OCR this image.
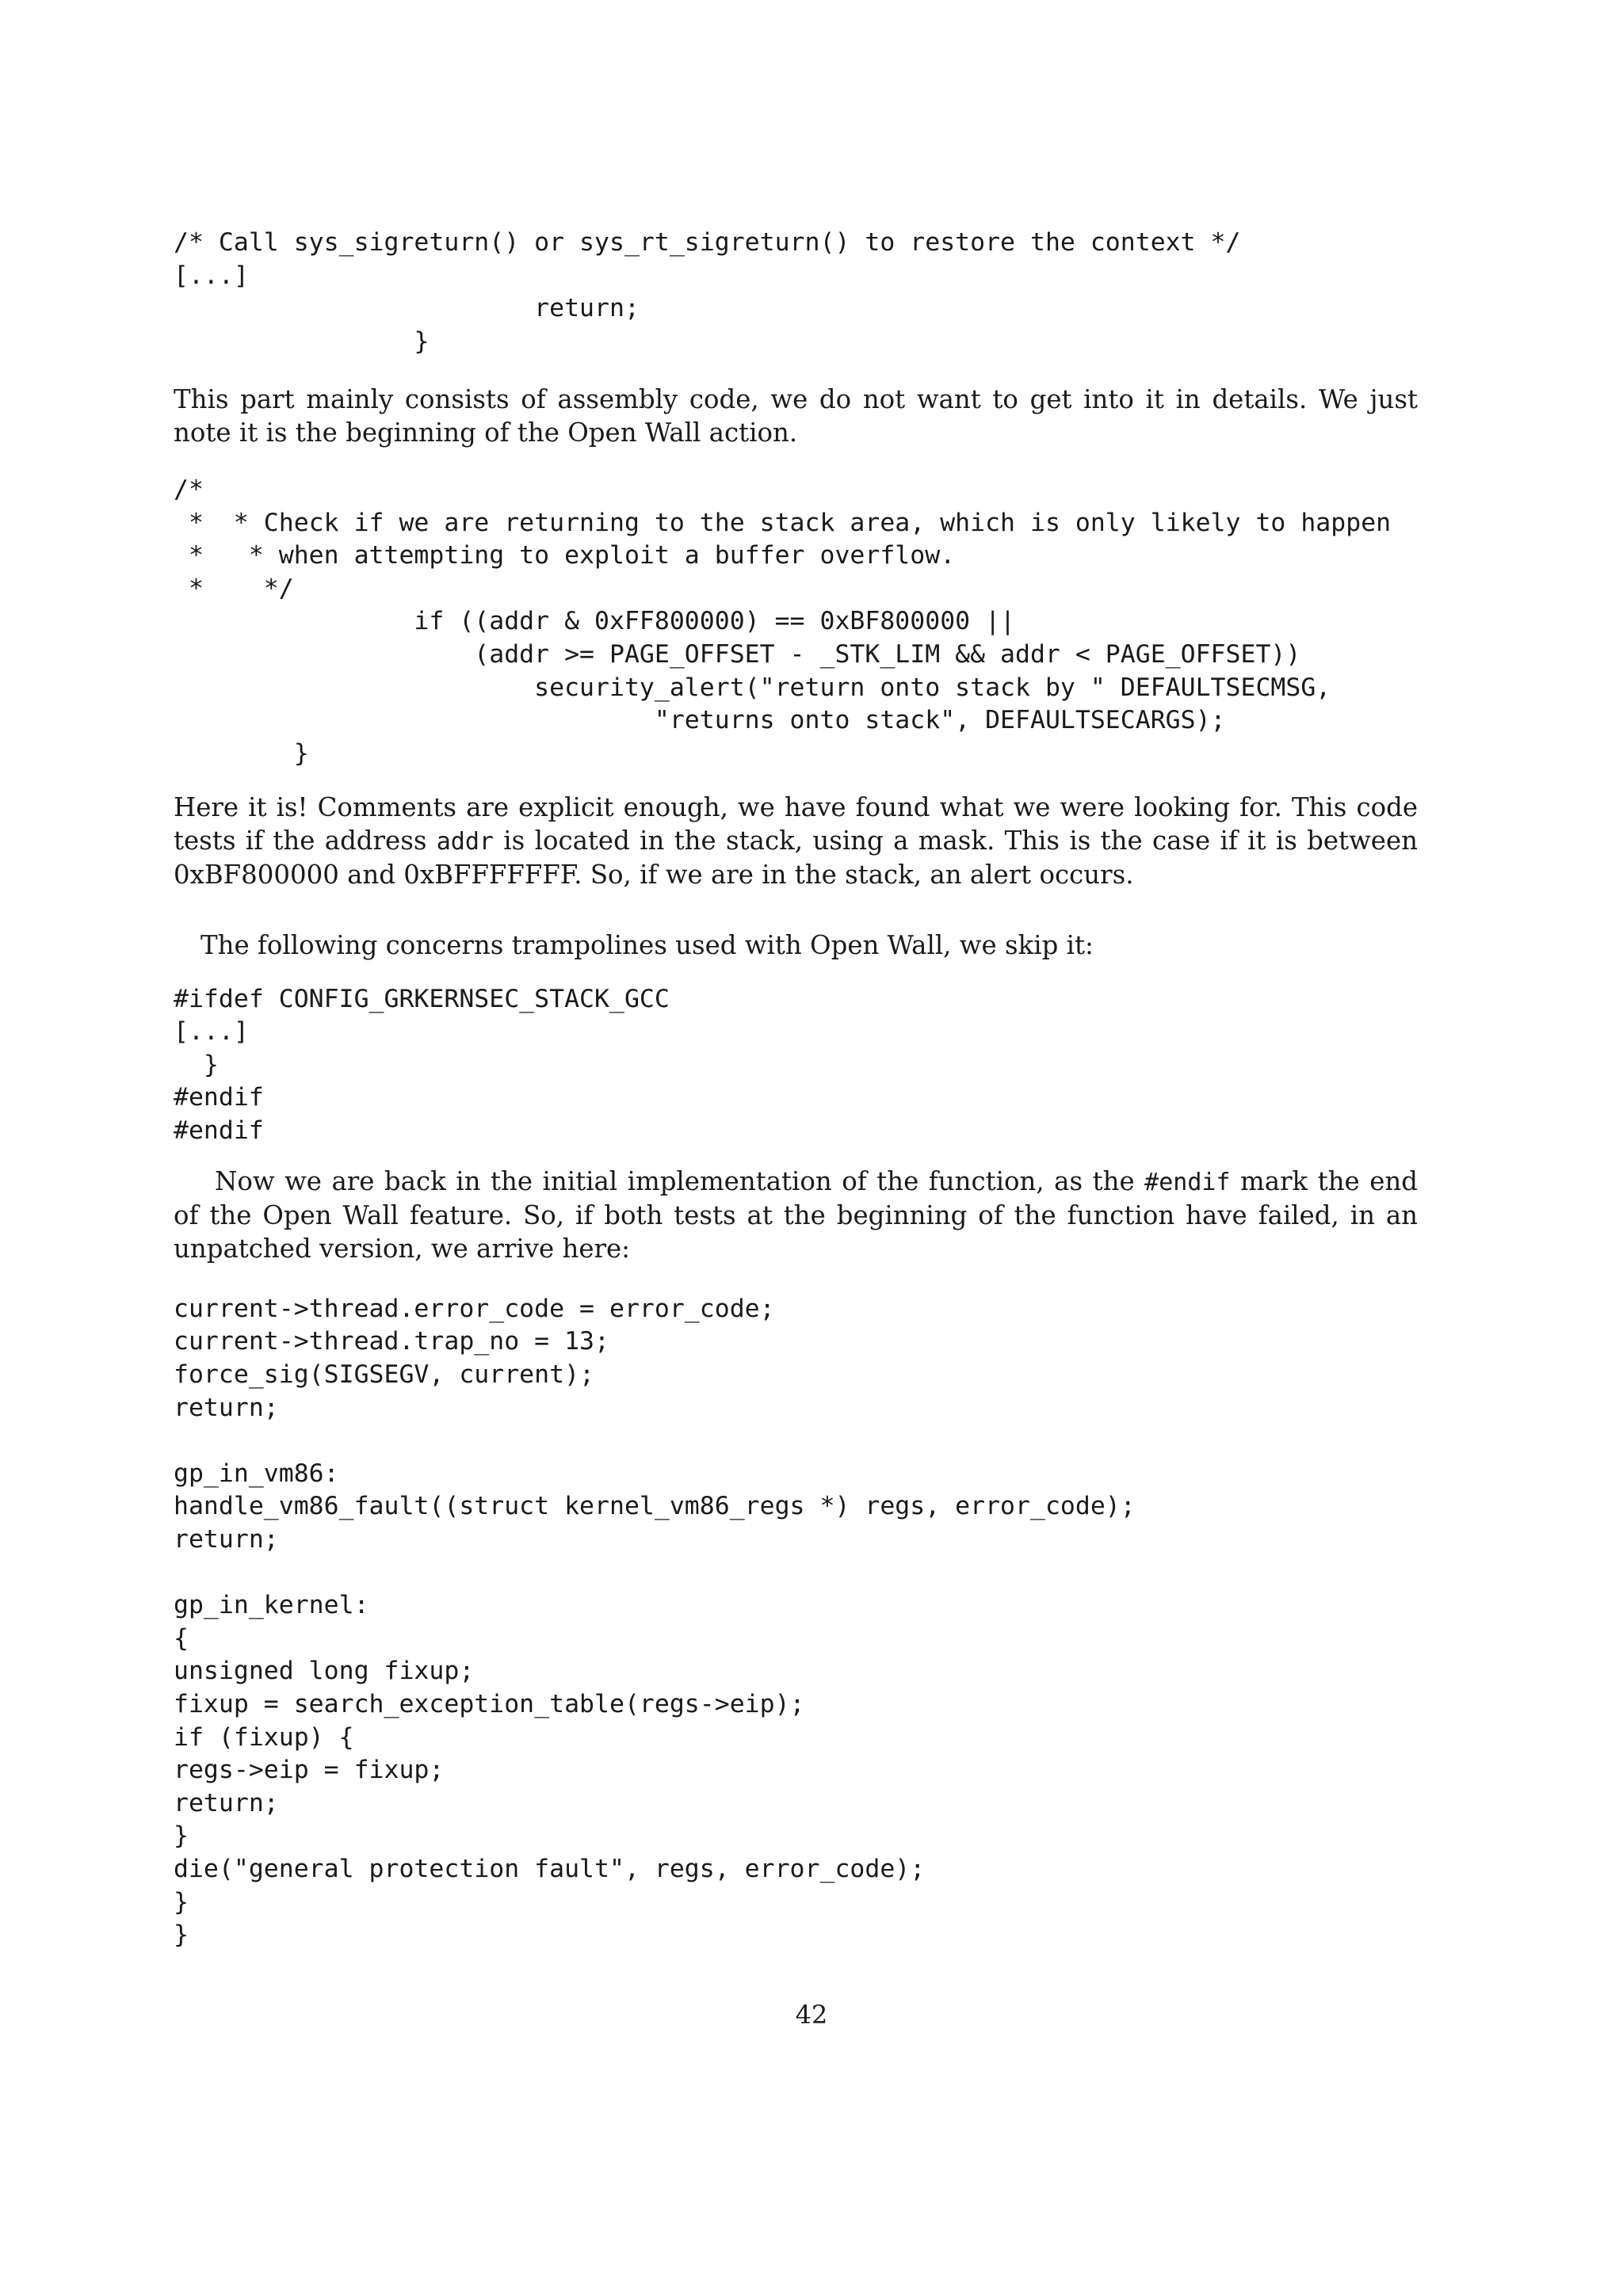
/* Call sys_sigreturn() or sys_rt_sigreturn() to restore the context */
[...]
return;
}

This part mainly consists of assembly code, we do not want to get into it in details. We just note it is the beginning of the Open Wall action.

/*
*  * Check if we are returning to the stack area, which is only likely to happen
*   * when attempting to exploit a buffer overflow.
*    */
if ((addr & 0xFF800000) == 0xBF800000 ||
(addr >= PAGE_OFFSET - _STK_LIM && addr < PAGE_OFFSET))
security_alert("return onto stack by " DEFAULTSECMSG,
"returns onto stack", DEFAULTSECARGS);
}

Here it is! Comments are explicit enough, we have found what we were looking for. This code tests if the address addr is located in the stack, using a mask. This is the case if it is between 0xBF800000 and 0xBFFFFFFF. So, if we are in the stack, an alert occurs.

The following concerns trampolines used with Open Wall, we skip it:

#ifdef CONFIG_GRKERNSEC_STACK_GCC
[...]
}
#endif
#endif

Now we are back in the initial implementation of the function, as the #endif mark the end of the Open Wall feature. So, if both tests at the beginning of the function have failed, in an unpatched version, we arrive here:

current->thread.error_code = error_code;
current->thread.trap_no = 13;
force_sig(SIGSEGV, current);
return;

gp_in_vm86:
handle_vm86_fault((struct kernel_vm86_regs *) regs, error_code);
return;

gp_in_kernel:
{
unsigned long fixup;
fixup = search_exception_table(regs->eip);
if (fixup) {
regs->eip = fixup;
return;
}
die("general protection fault", regs, error_code);
}
}
42
